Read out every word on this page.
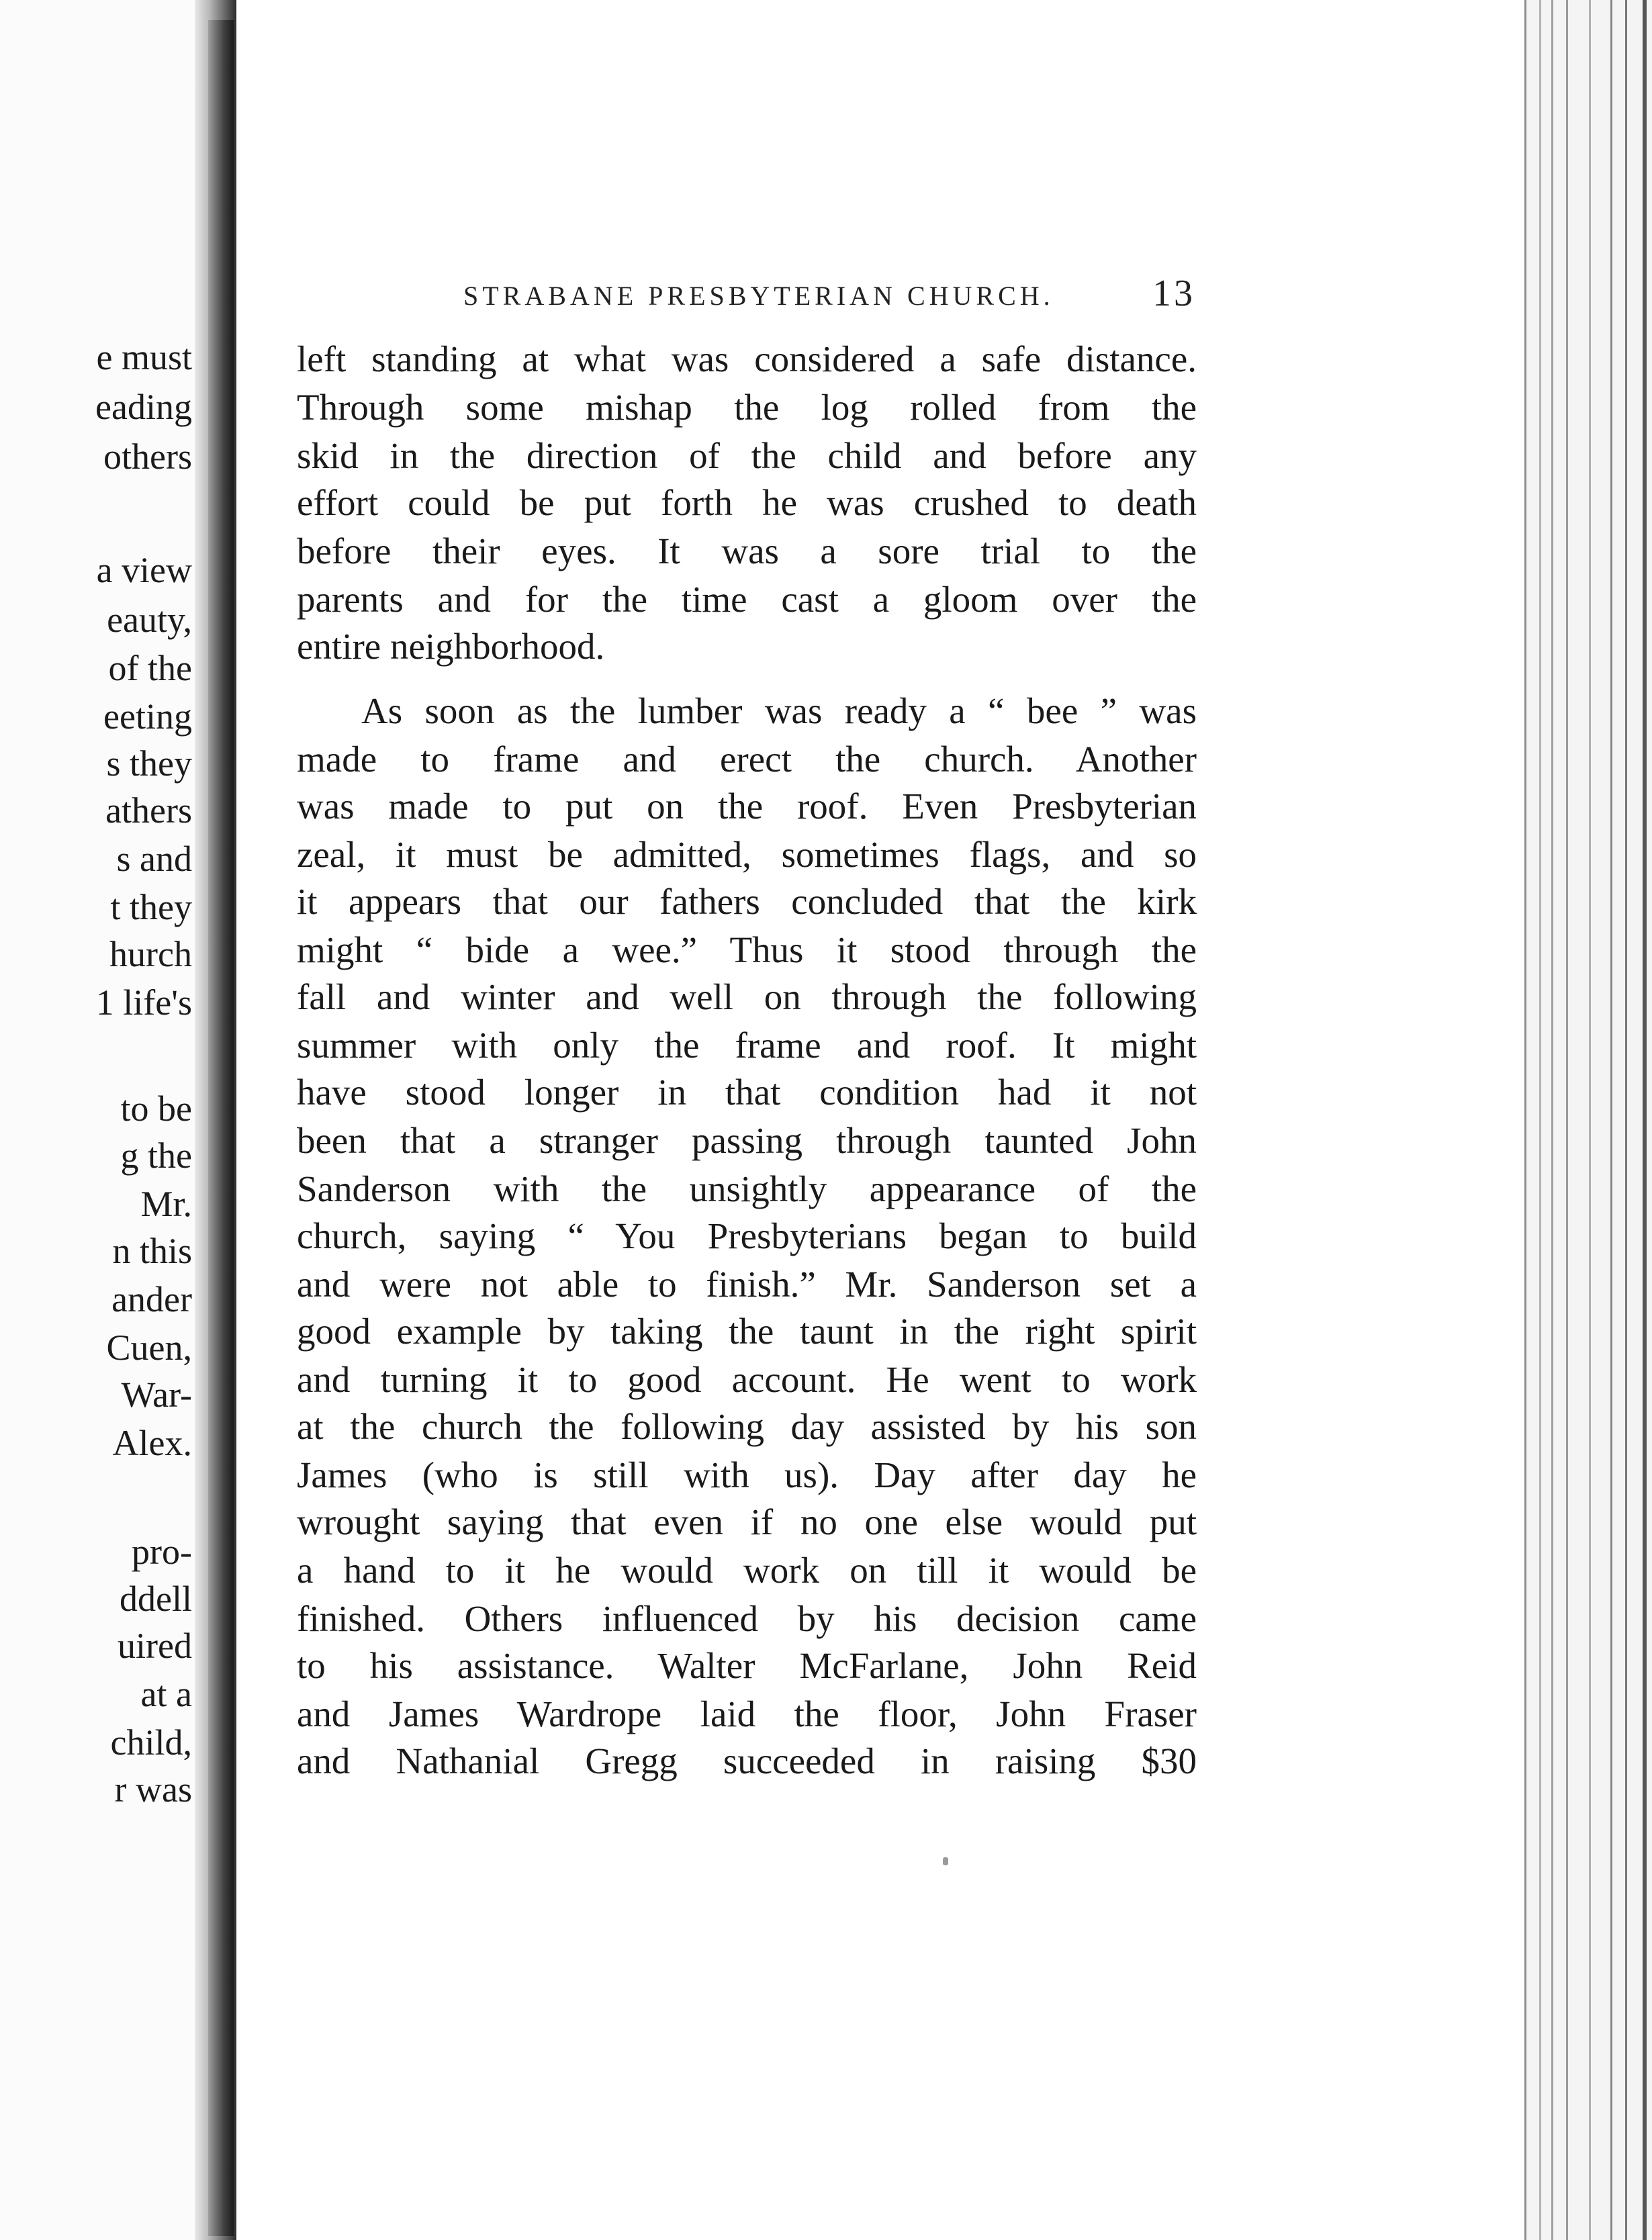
e must
eading
others
a view
eauty,
of the
eeting
s they
athers
s and
t they
hurch
1 life's
to be
g the
Mr.
n this
ander
Cuen,
War-
Alex.
pro-
ddell
uired
at a
child,
r was
STRABANE PRESBYTERIAN CHURCH.	13
left standing at what was considered a safe distance.
Through some mishap the log rolled from the
skid in the direction of the child and before any
effort could be put forth he was crushed to death
before their eyes. It was a sore trial to the
parents and for the time cast a gloom over the
entire neighborhood.
As soon as the lumber was ready a “ bee ” was
made to frame and erect the church. Another
was made to put on the roof. Even Presbyterian
zeal, it must be admitted, sometimes flags, and so
it appears that our fathers concluded that the kirk
might “ bide a wee.” Thus it stood through the
fall and winter and well on through the following
summer with only the frame and roof. It might
have stood longer in that condition had it not
been that a stranger passing through taunted John
Sanderson with the unsightly appearance of the
church, saying “ You Presbyterians began to build
and were not able to finish.” Mr. Sanderson set a
good example by taking the taunt in the right spirit
and turning it to good account. He went to work
at the church the following day assisted by his son
James (who is still with us). Day after day he
wrought saying that even if no one else would put
a hand to it he would work on till it would be
finished. Others influenced by his decision came
to his assistance. Walter McFarlane, John Reid
and James Wardrope laid the floor, John Fraser
and Nathanial Gregg succeeded in raising $30
